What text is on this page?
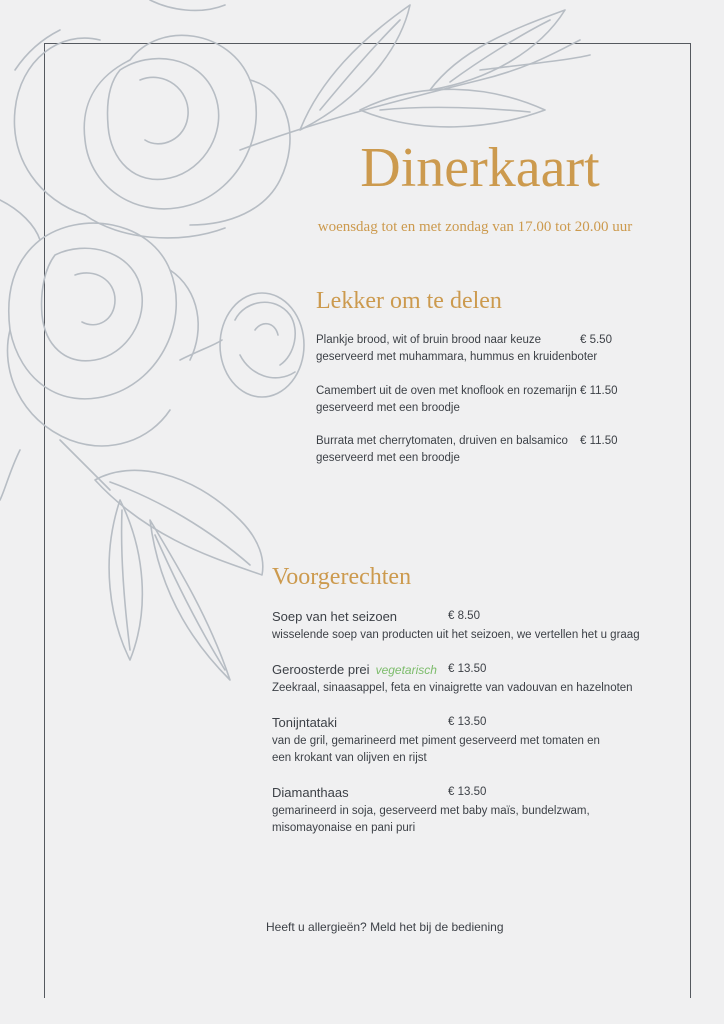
Dinerkaart
woensdag tot en met zondag van 17.00 tot 20.00 uur
Lekker om te delen
Plankje brood, wit of bruin brood naar keuze	€ 5.50
geserveerd met muhammara, hummus en kruidenboter
Camembert uit de oven met knoflook en rozemarijn € 11.50
geserveerd met een broodje
Burrata met cherrytomaten, druiven en balsamico € 11.50
geserveerd met een broodje
Voorgerechten
Soep van het seizoen	€ 8.50
wisselende soep van producten uit het seizoen, we vertellen het u graag
Geroosterde prei vegetarisch € 13.50
Zeekraal, sinaasappel, feta en vinaigrette van vadouvan en hazelnoten
Tonijntataki	€ 13.50
van de gril, gemarineerd met piment geserveerd met tomaten en een krokant van olijven en rijst
Diamanthaas	€ 13.50
gemarineerd in soja, geserveerd met baby maïs, bundelzwam, misomayonaise en pani puri
Heeft u allergieën? Meld het bij de bediening
